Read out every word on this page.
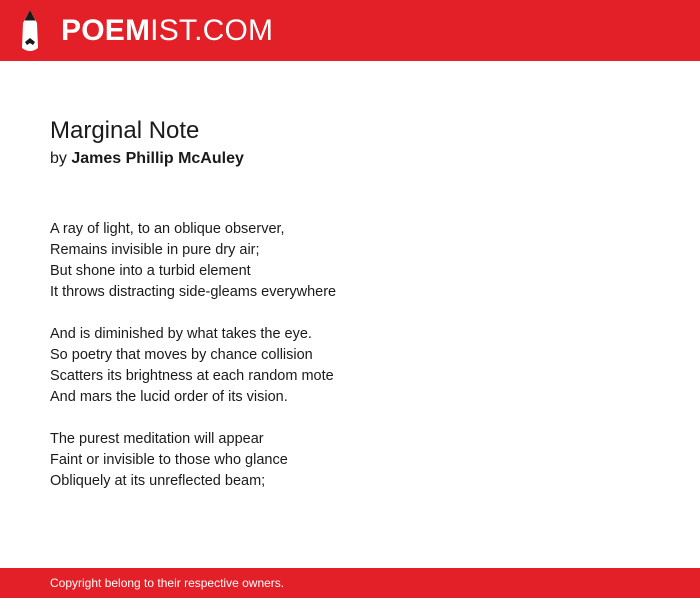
POEMIST.COM
Marginal Note
by James Phillip McAuley
A ray of light, to an oblique observer,
Remains invisible in pure dry air;
But shone into a turbid element
It throws distracting side-gleams everywhere
And is diminished by what takes the eye.
So poetry that moves by chance collision
Scatters its brightness at each random mote
And mars the lucid order of its vision.
The purest meditation will appear
Faint or invisible to those who glance
Obliquely at its unreflected beam;
Copyright belong to their respective owners.
